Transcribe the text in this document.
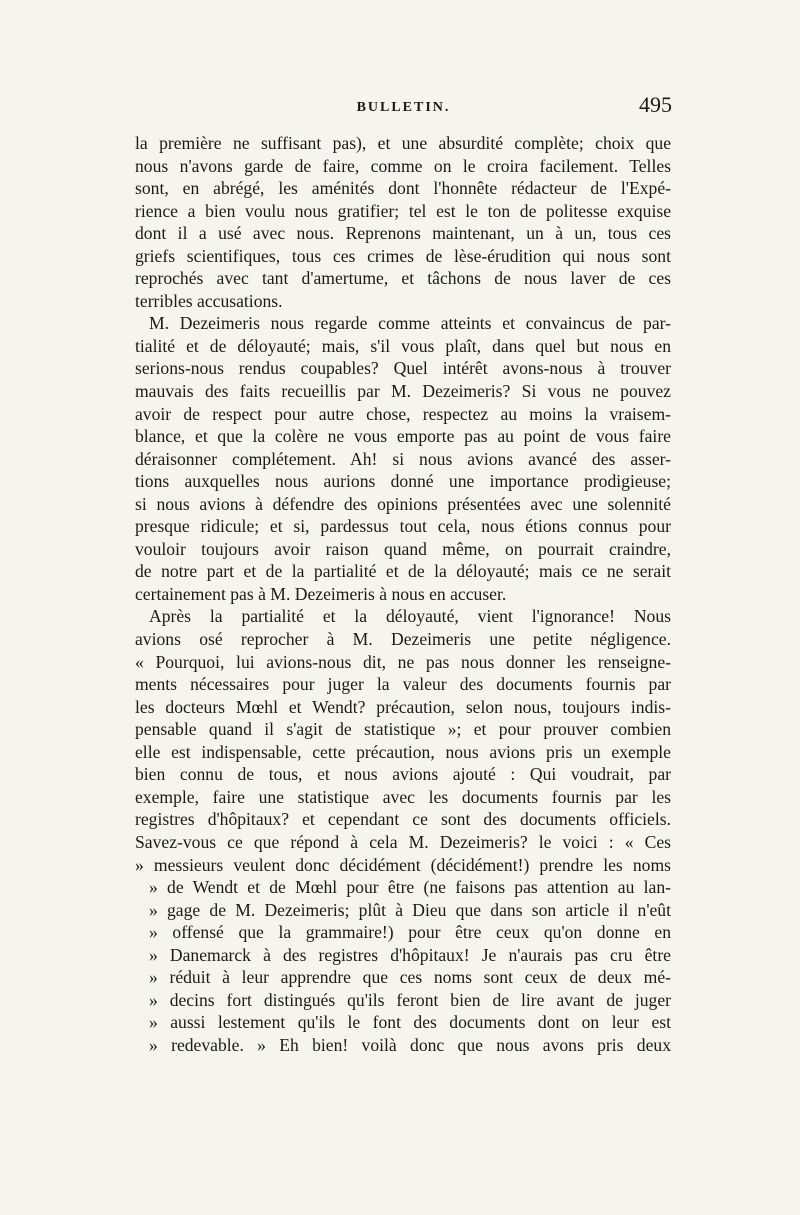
BULLETIN.	495
la première ne suffisant pas), et une absurdité complète; choix que
nous n'avons garde de faire, comme on le croira facilement. Telles
sont, en abrégé, les aménités dont l'honnête rédacteur de l'Expé-
rience a bien voulu nous gratifier; tel est le ton de politesse exquise
dont il a usé avec nous. Reprenons maintenant, un à un, tous ces
griefs scientifiques, tous ces crimes de lèse-érudition qui nous sont
reprochés avec tant d'amertume, et tâchons de nous laver de ces
terribles accusations.
M. Dezeimeris nous regarde comme atteints et convaincus de par-
tialité et de déloyauté; mais, s'il vous plaît, dans quel but nous en
serions-nous rendus coupables? Quel intérêt avons-nous à trouver
mauvais des faits recueillis par M. Dezeimeris? Si vous ne pouvez
avoir de respect pour autre chose, respectez au moins la vraisem-
blance, et que la colère ne vous emporte pas au point de vous faire
déraisonner complétement. Ah! si nous avions avancé des asser-
tions auxquelles nous aurions donné une importance prodigieuse;
si nous avions à défendre des opinions présentées avec une solennité
presque ridicule; et si, pardessus tout cela, nous étions connus pour
vouloir toujours avoir raison quand même, on pourrait craindre,
de notre part et de la partialité et de la déloyauté; mais ce ne serait
certainement pas à M. Dezeimeris à nous en accuser.
Après la partialité et la déloyauté, vient l'ignorance! Nous
avions osé reprocher à M. Dezeimeris une petite négligence.
« Pourquoi, lui avions-nous dit, ne pas nous donner les renseigne-
ments nécessaires pour juger la valeur des documents fournis par
les docteurs Mœhl et Wendt? précaution, selon nous, toujours indis-
pensable quand il s'agit de statistique »; et pour prouver combien
elle est indispensable, cette précaution, nous avions pris un exemple
bien connu de tous, et nous avions ajouté : Qui voudrait, par
exemple, faire une statistique avec les documents fournis par les
registres d'hôpitaux? et cependant ce sont des documents officiels.
Savez-vous ce que répond à cela M. Dezeimeris? le voici : « Ces
» messieurs veulent donc décidément (décidément!) prendre les noms
» de Wendt et de Mœhl pour être (ne faisons pas attention au lan-
» gage de M. Dezeimeris; plût à Dieu que dans son article il n'eût
» offensé que la grammaire!) pour être ceux qu'on donne en
» Danemarck à des registres d'hôpitaux! Je n'aurais pas cru être
» réduit à leur apprendre que ces noms sont ceux de deux mé-
» decins fort distingués qu'ils feront bien de lire avant de juger
» aussi lestement qu'ils le font des documents dont on leur est
» redevable. » Eh bien! voilà donc que nous avons pris deux
